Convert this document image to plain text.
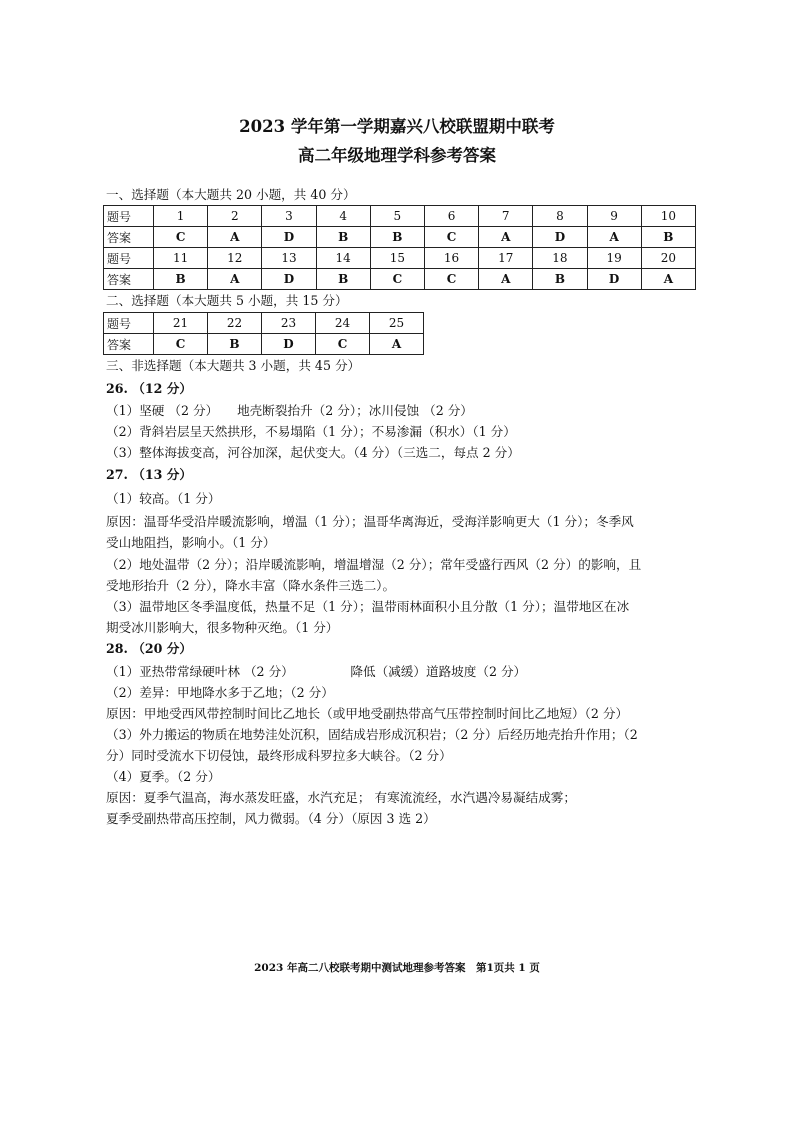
2023 学年第一学期嘉兴八校联盟期中联考
高二年级地理学科参考答案
一、选择题（本大题共 20 小题，共 40 分）
题号	1	2	3	4	5	6	7	8	9	10
答案	C	A	D	B	B	C	A	D	A	B
题号	11	12	13	14	15	16	17	18	19	20
答案	B	A	D	B	C	C	A	B	D	A
二、选择题（本大题共 5 小题，共 15 分）
题号	21	22	23	24	25
答案	C	B	D	C	A
三、非选择题（本大题共 3 小题，共 45 分）
26. （12 分）
（1）坚硬 （2 分）　　地壳断裂抬升（2 分）；冰川侵蚀 （2 分）
（2）背斜岩层呈天然拱形，不易塌陷（1 分）；不易渗漏（积水）（1 分）
（3）整体海拔变高，河谷加深，起伏变大。（4 分）（三选二，每点 2 分）
27. （13 分）
（1）较高。（1 分）
原因：温哥华受沿岸暖流影响，增温（1 分）；温哥华离海近，受海洋影响更大（1 分）；冬季风
受山地阻挡，影响小。（1 分）
（2）地处温带（2 分）；沿岸暖流影响，增温增湿（2 分）；常年受盛行西风（2 分）的影响，且
受地形抬升（2 分），降水丰富（降水条件三选二）。
（3）温带地区冬季温度低，热量不足（1 分）；温带雨林面积小且分散（1 分）；温带地区在冰
期受冰川影响大，很多物种灭绝。（1 分）
28. （20 分）
（1）亚热带常绿硬叶林 （2 分）　　　　　降低（减缓）道路坡度（2 分）
（2）差异：甲地降水多于乙地；（2 分）
原因：甲地受西风带控制时间比乙地长（或甲地受副热带高气压带控制时间比乙地短）（2 分）
（3）外力搬运的物质在地势洼处沉积，固结成岩形成沉积岩；（2 分）后经历地壳抬升作用；（2
分）同时受流水下切侵蚀，最终形成科罗拉多大峡谷。（2 分）
（4）夏季。（2 分）
原因：夏季气温高，海水蒸发旺盛，水汽充足； 有寒流流经，水汽遇冷易凝结成雾；
夏季受副热带高压控制，风力微弱。（4 分）（原因 3 选 2）
2023 年高二八校联考期中测试地理参考答案　第1页共 1 页
